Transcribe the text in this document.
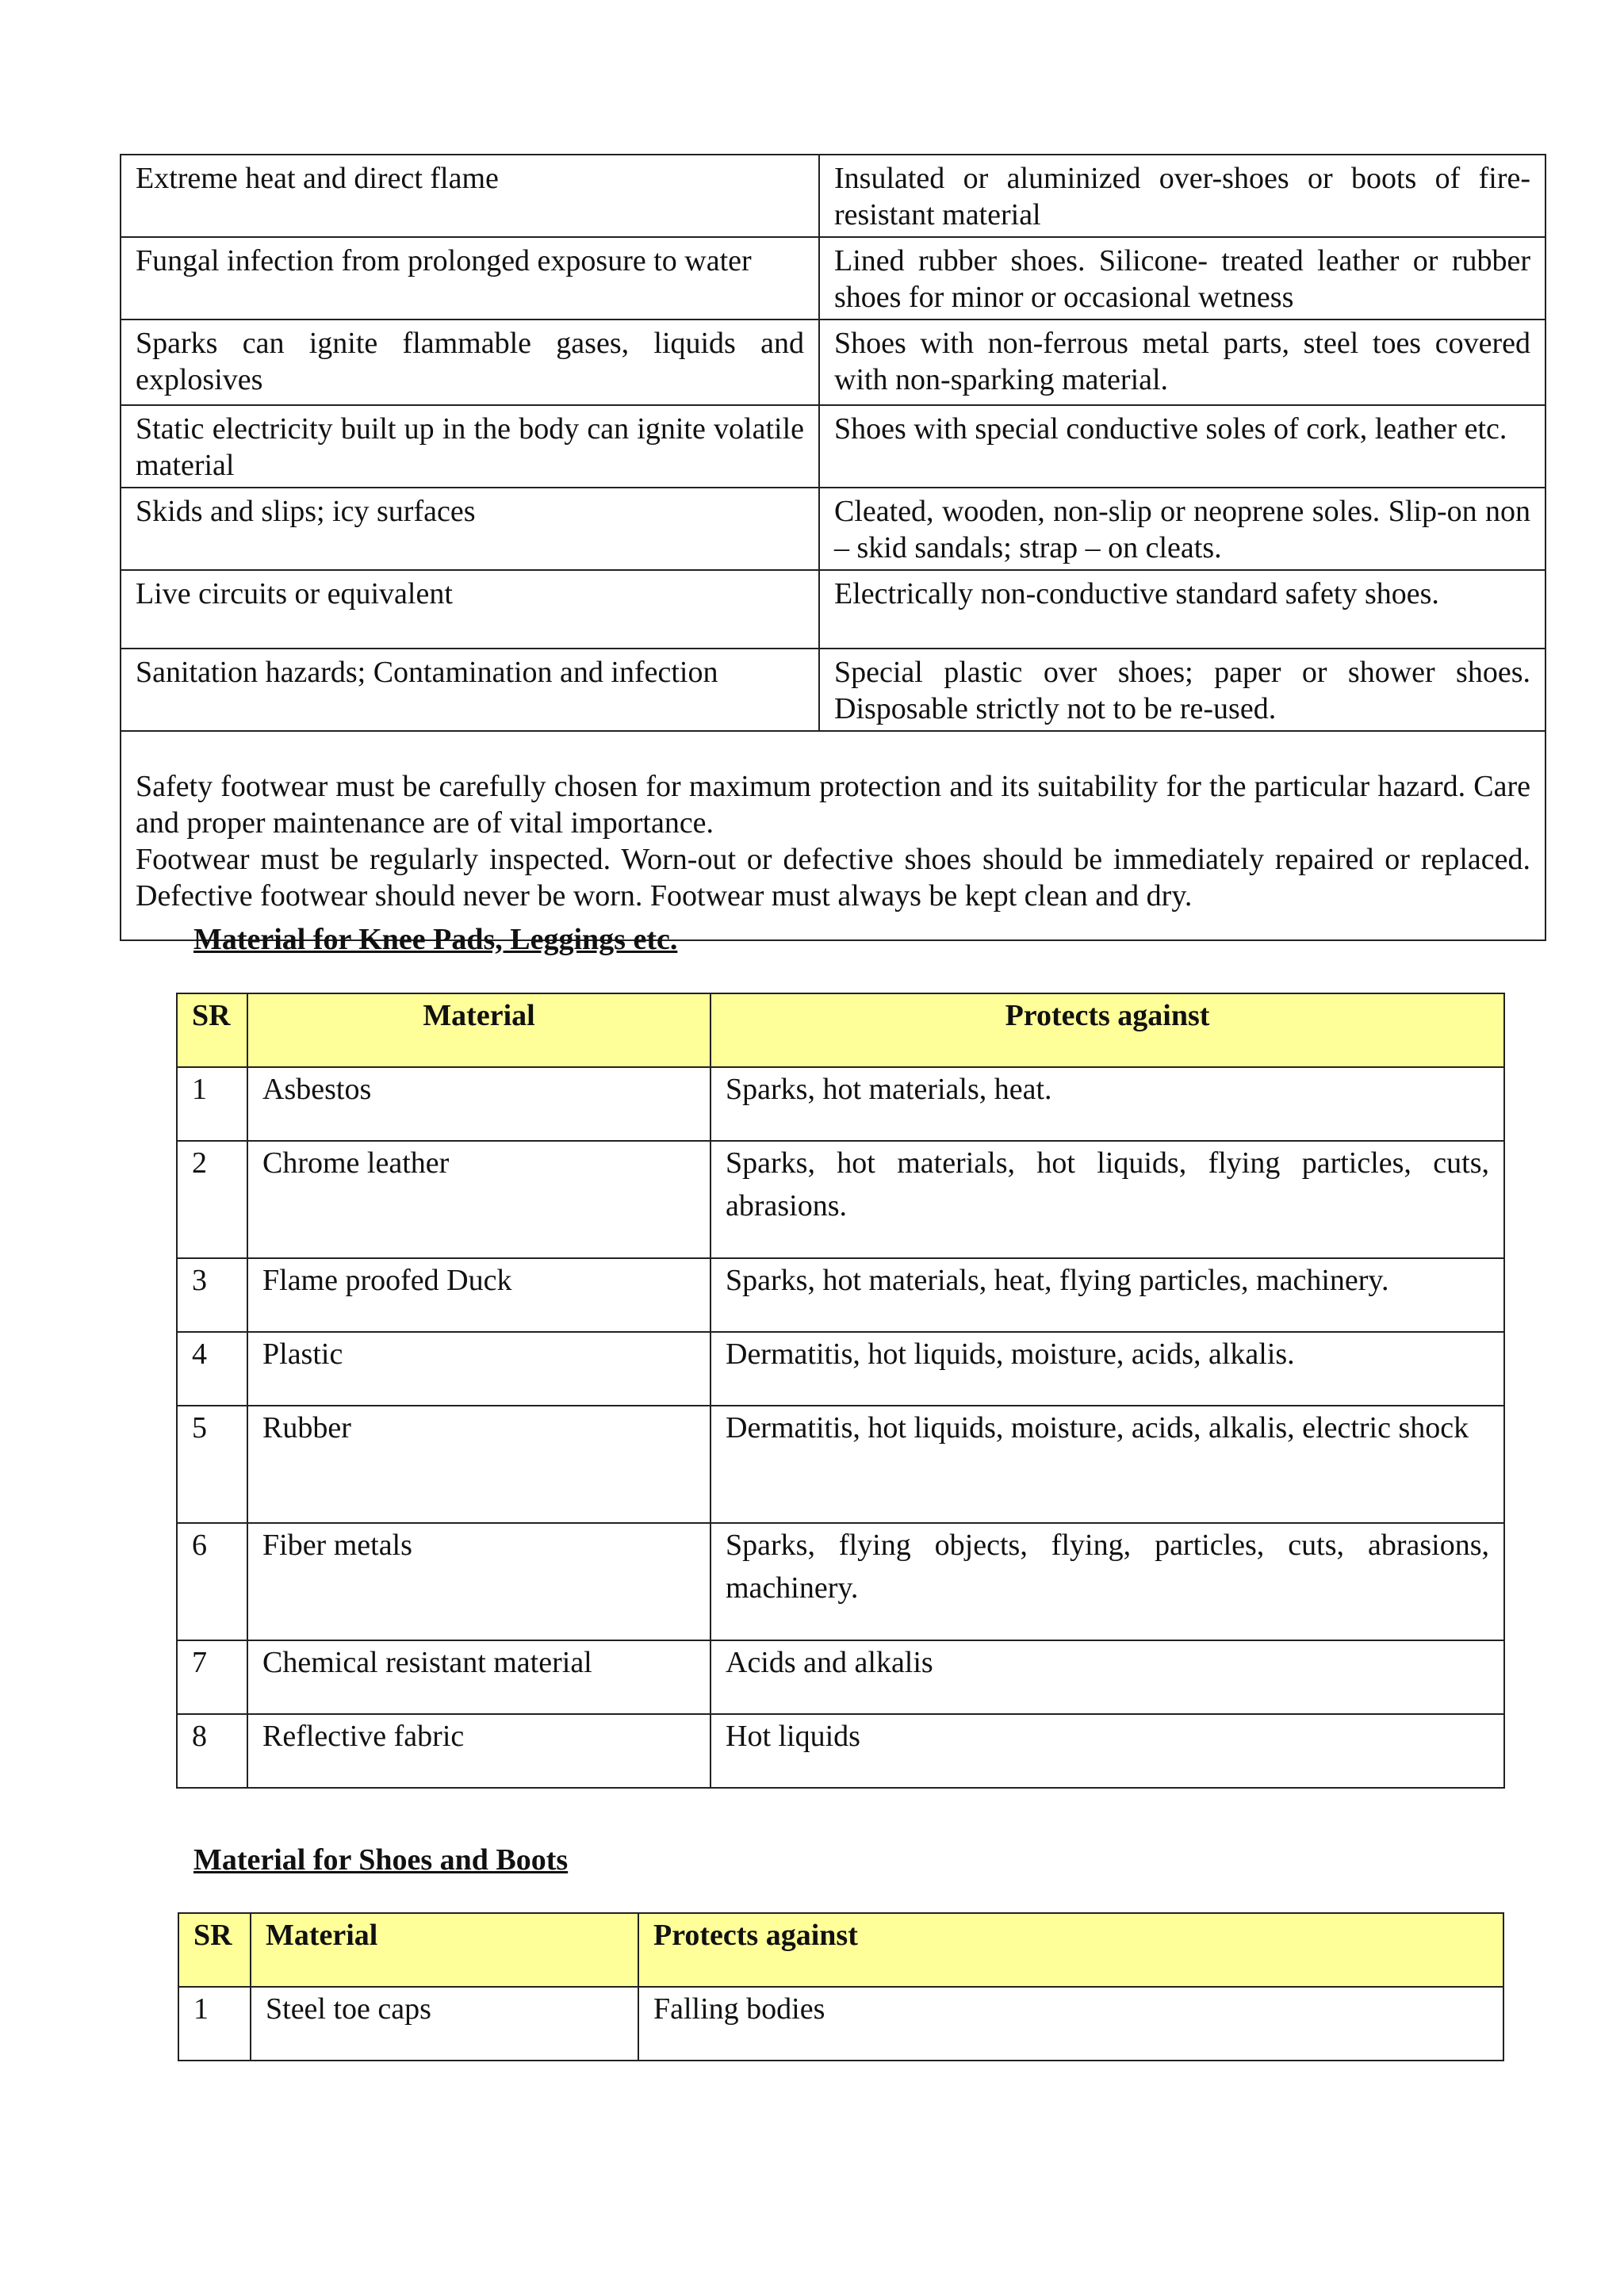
Extreme heat and direct flame	Insulated or aluminized over-shoes or boots of fire-resistant material
Fungal infection from prolonged exposure to water	Lined rubber shoes. Silicone- treated leather or rubber shoes for minor or occasional wetness
Sparks can ignite flammable gases, liquids and explosives	Shoes with non-ferrous metal parts, steel toes covered with non-sparking material.
Static electricity built up in the body can ignite volatile material	Shoes with special conductive soles of cork, leather etc.
Skids and slips; icy surfaces	Cleated, wooden, non-slip or neoprene soles. Slip-on non – skid sandals; strap – on cleats.
Live circuits or equivalent	Electrically non-conductive standard safety shoes.
Sanitation hazards; Contamination and infection	Special plastic over shoes; paper or shower shoes. Disposable strictly not to be re-used.

Safety footwear must be carefully chosen for maximum protection and its suitability for the particular hazard. Care and proper maintenance are of vital importance.

Footwear must be regularly inspected. Worn-out or defective shoes should be immediately repaired or replaced. Defective footwear should never be worn. Footwear must always be kept clean and dry.	

Material for Knee Pads, Leggings etc.
SR	Material	Protects against
1	Asbestos	Sparks, hot materials, heat.
2	Chrome leather	Sparks, hot materials, hot liquids, flying particles, cuts, abrasions.
3	Flame proofed Duck	Sparks, hot materials, heat, flying particles, machinery.
4	Plastic	Dermatitis, hot liquids, moisture, acids, alkalis.
5	Rubber	Dermatitis, hot liquids, moisture, acids, alkalis, electric shock
6	Fiber metals	Sparks, flying objects, flying, particles, cuts, abrasions, machinery.
7	Chemical resistant material	Acids and alkalis
8	Reflective fabric	Hot liquids
Material for Shoes and Boots
SR	Material	Protects against
1	Steel toe caps	Falling bodies
